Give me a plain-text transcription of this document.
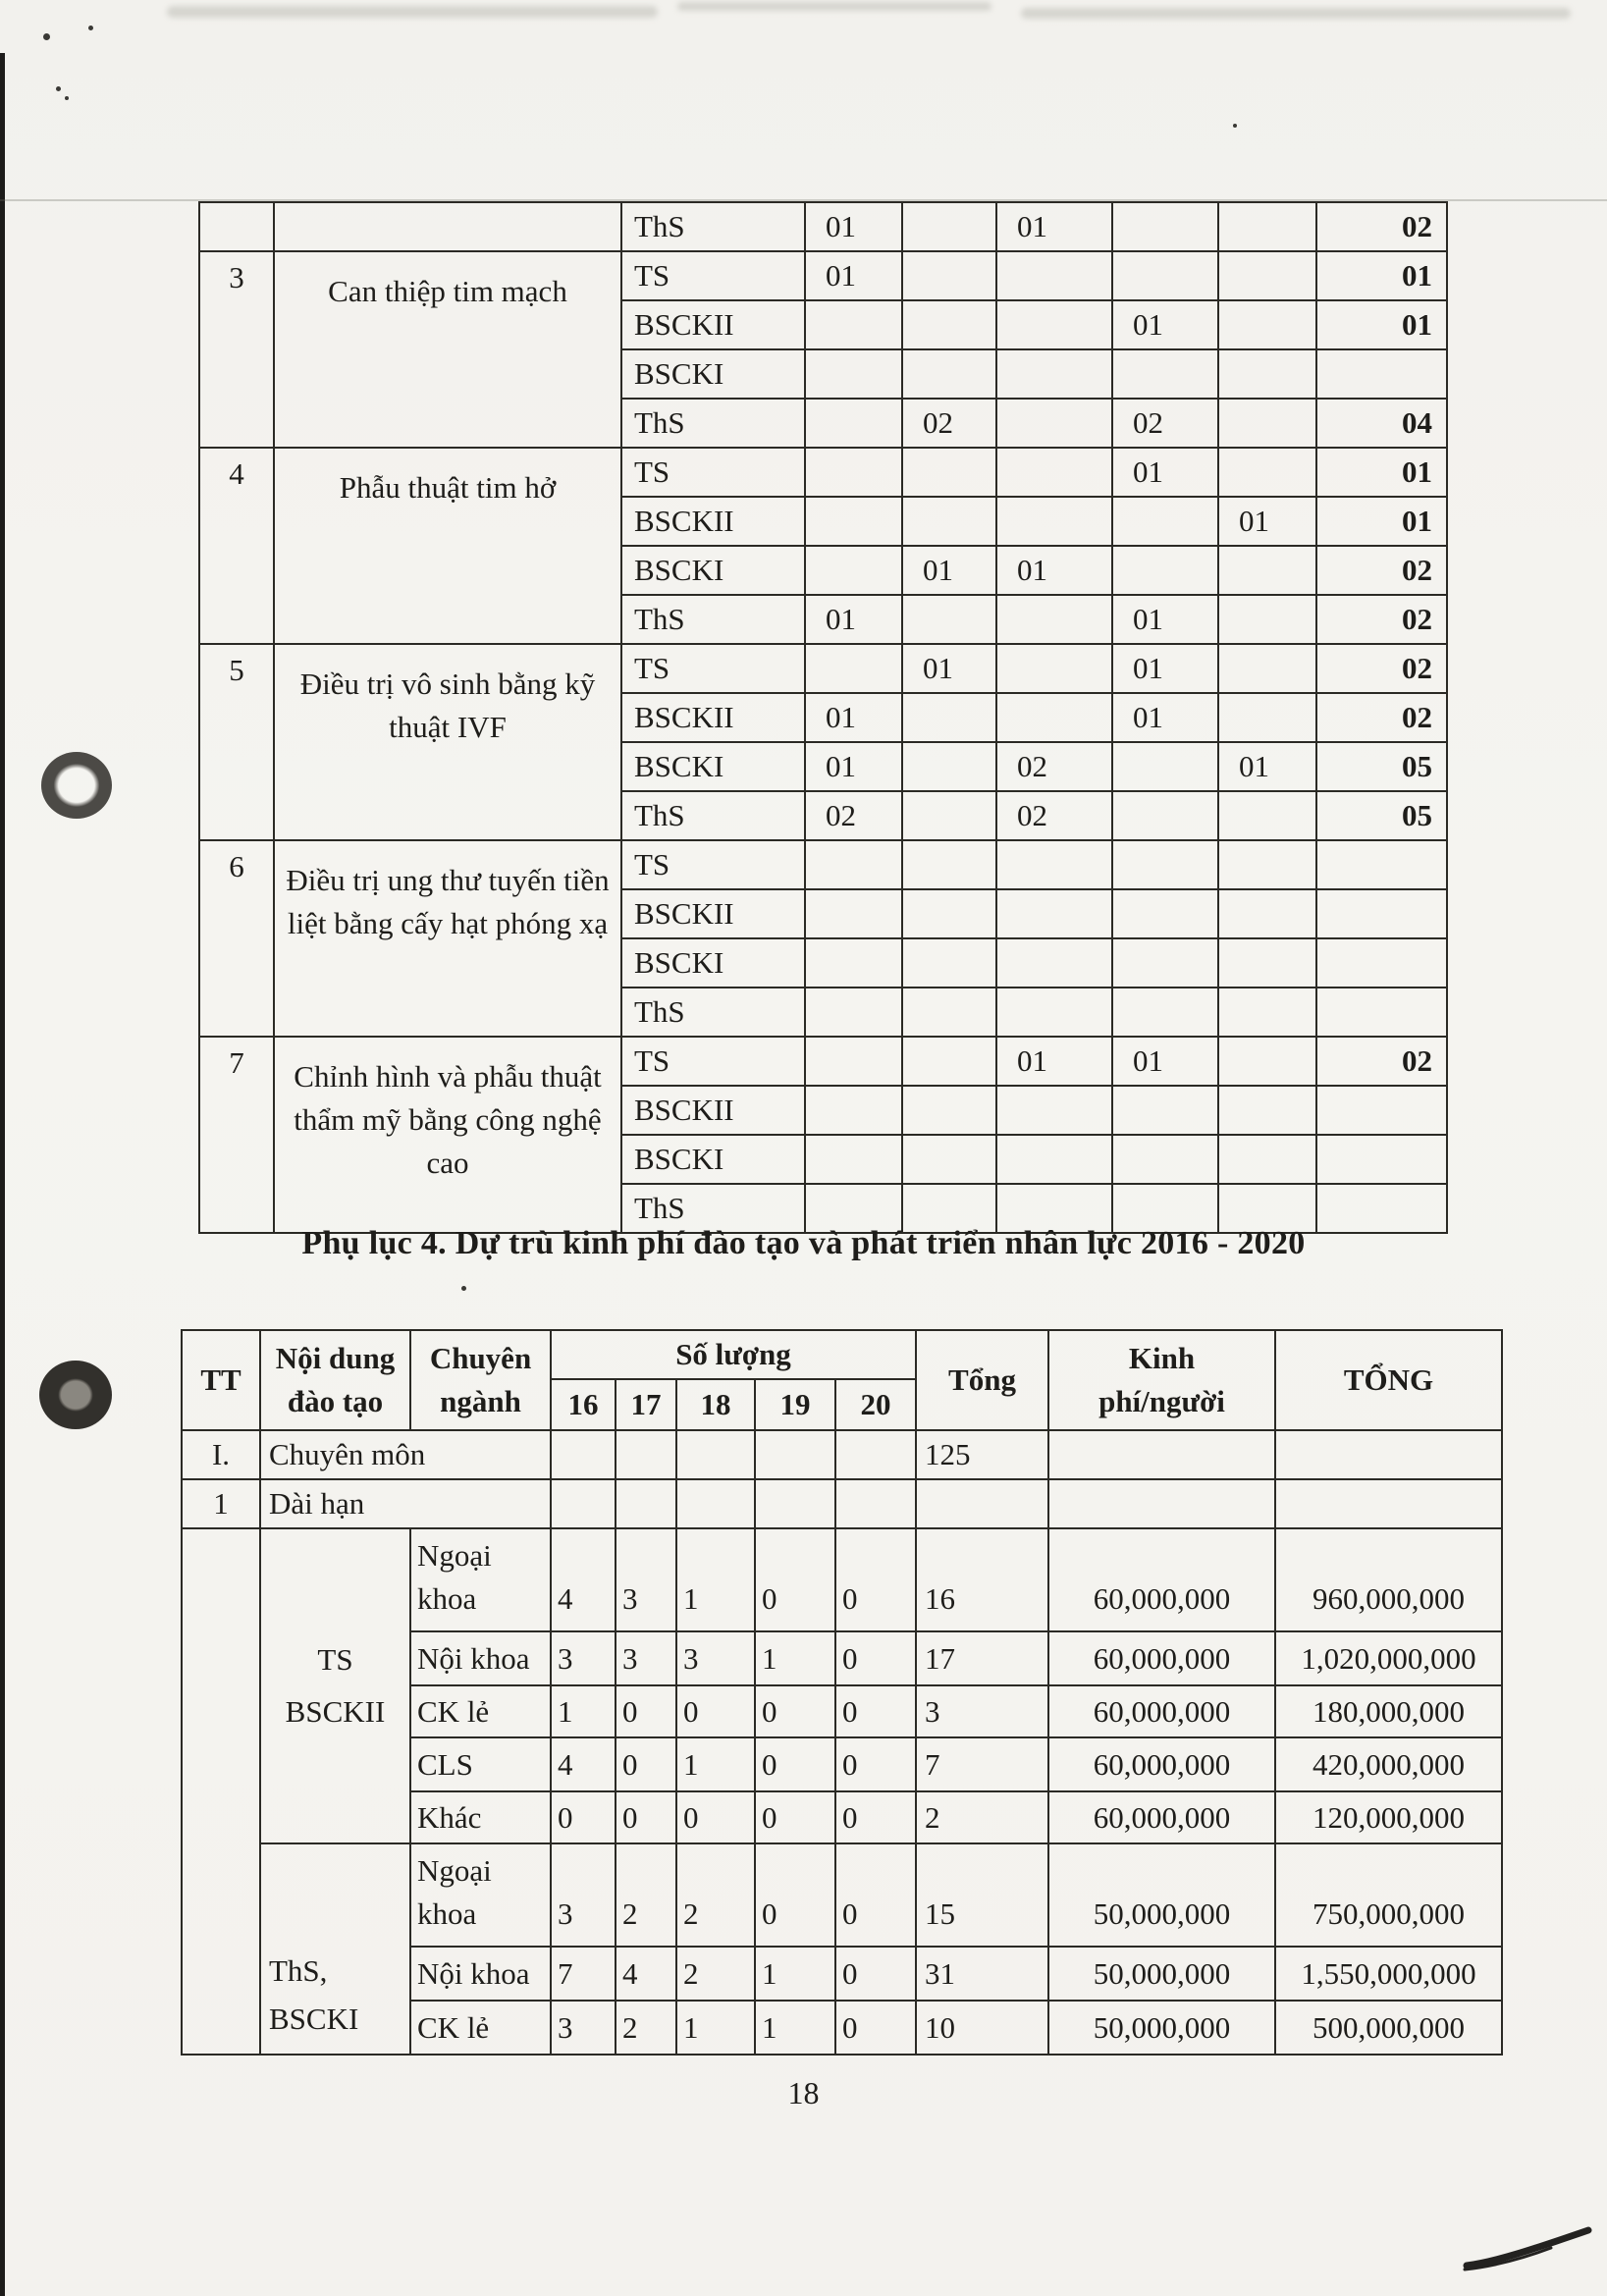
		ThS	01		01			02
3	Can thiệp tim mạch	TS	01					01
		BSCKII				01		01
		BSCKI						
		ThS		02		02		04
4	Phẫu thuật tim hở	TS				01		01
		BSCKII					01	01
		BSCKI		01	01			02
		ThS	01			01		02
5	Điều trị vô sinh bằng kỹ thuật IVF	TS		01		01		02
		BSCKII	01			01		02
		BSCKI	01		02		01	05
		ThS	02		02			05
6	Điều trị ung thư tuyến tiền liệt bằng cấy hạt phóng xạ	TS						
		BSCKII						
		BSCKI						
		ThS						
7	Chỉnh hình và phẫu thuật thẩm mỹ bằng công nghệ cao	TS			01	01		02
		BSCKII						
		BSCKI						
		ThS						
Phụ lục 4. Dự trù kinh phí đào tạo và phát triển nhân lực 2016 - 2020
TT	Nội dung đào tạo	Chuyên ngành	Số lượng					Tổng	Kinh phí/người	TỔNG
			16	17	18	19	20			
I.	Chuyên môn							125		
1	Dài hạn									
	TS BSCKII	Ngoại khoa	4	3	1	0	0	16	60,000,000	960,000,000
		Nội khoa	3	3	3	1	0	17	60,000,000	1,020,000,000
		CK lẻ	1	0	0	0	0	3	60,000,000	180,000,000
		CLS	4	0	1	0	0	7	60,000,000	420,000,000
		Khác	0	0	0	0	0	2	60,000,000	120,000,000
	ThS, BSCKI	Ngoại khoa	3	2	2	0	0	15	50,000,000	750,000,000
		Nội khoa	7	4	2	1	0	31	50,000,000	1,550,000,000
		CK lẻ	3	2	1	1	0	10	50,000,000	500,000,000
18
